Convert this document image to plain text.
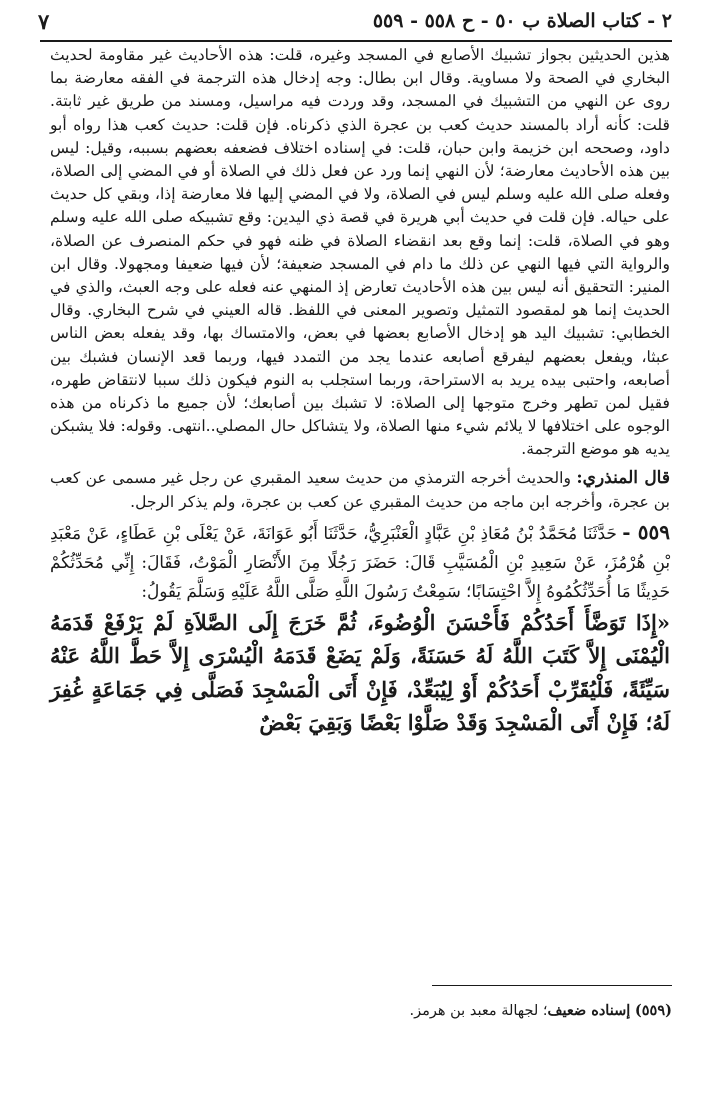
٢ - كتاب الصلاة ب ٥٠ - ح ٥٥٨ - ٥٥٩
٧

هذين الحديثين بجواز تشبيك الأصابع في المسجد وغيره، قلت: هذه الأحاديث غير مقاومة لحديث البخاري في الصحة ولا مساوية. وقال ابن بطال: وجه إدخال هذه الترجمة في الفقه معارضة بما روى عن النهي من التشبيك في المسجد، وقد وردت فيه مراسيل، ومسند من طريق غير ثابتة. قلت: كأنه أراد بالمسند حديث كعب بن عجرة الذي ذكرناه. فإن قلت: حديث كعب هذا رواه أبو داود، وصححه ابن خزيمة وابن حبان، قلت: في إسناده اختلاف فضعفه بعضهم بسببه، وقيل: ليس بين هذه الأحاديث معارضة؛ لأن النهي إنما ورد عن فعل ذلك في الصلاة أو في المضي إلى الصلاة، وفعله صلى الله عليه وسلم ليس في الصلاة، ولا في المضي إليها فلا معارضة إذا، وبقي كل حديث على حياله. فإن قلت في حديث أبي هريرة في قصة ذي اليدين: وقع تشبيكه صلى الله عليه وسلم وهو في الصلاة، قلت: إنما وقع بعد انقضاء الصلاة في ظنه فهو في حكم المنصرف عن الصلاة، والرواية التي فيها النهي عن ذلك ما دام في المسجد ضعيفة؛ لأن فيها ضعيفا ومجهولا. وقال ابن المنير: التحقيق أنه ليس بين هذه الأحاديث تعارض إذ المنهي عنه فعله على وجه العبث، والذي في الحديث إنما هو لمقصود التمثيل وتصوير المعنى في اللفظ. قاله العيني في شرح البخاري. وقال الخطابي: تشبيك اليد هو إدخال الأصابع بعضها في بعض، والامتساك بها، وقد يفعله بعض الناس عبثا، ويفعل بعضهم ليفرقع أصابعه عندما يجد من التمدد فيها، وربما قعد الإنسان فشبك بين أصابعه، واحتبى بيده يريد به الاستراحة، وربما استجلب به النوم فيكون ذلك سببا لانتقاض طهره، فقيل لمن تطهر وخرج متوجها إلى الصلاة: لا تشبك بين أصابعك؛ لأن جميع ما ذكرناه من هذه الوجوه على اختلافها لا يلائم شيء منها الصلاة، ولا يتشاكل حال المصلي..انتهى. وقوله: فلا يشبكن يديه هو موضع الترجمة.

قال المنذري: والحديث أخرجه الترمذي من حديث سعيد المقبري عن رجل غير مسمى عن كعب بن عجرة، وأخرجه ابن ماجه من حديث المقبري عن كعب بن عجرة، ولم يذكر الرجل.

٥٥٩ - حَدَّثَنَا مُحَمَّدُ بْنُ مُعَاذِ بْنِ عَبَّادٍ الْعَنْبَرِيُّ، حَدَّثَنَا أَبُو عَوَانَةَ، عَنْ يَعْلَى بْنِ عَطَاءٍ، عَنْ مَعْبَدِ بْنِ هُرْمُزَ، عَنْ سَعِيدِ بْنِ الْمُسَيَّبِ قَالَ: حَضَرَ رَجُلًا مِنَ الأَنْصَارِ الْمَوْتُ، فَقَالَ: إِنِّي مُحَدِّثُكُمْ حَدِيثًا مَا أُحَدِّثُكُمُوهُ إِلاَّ احْتِسَابًا؛ سَمِعْتُ رَسُولَ اللَّهِ صَلَّى اللَّهُ عَلَيْهِ وَسَلَّمَ يَقُولُ:

«إِذَا تَوَضَّأَ أَحَدُكُمْ فَأَحْسَنَ الْوُضُوءَ، ثُمَّ خَرَجَ إِلَى الصَّلاَةِ لَمْ يَرْفَعْ قَدَمَهُ الْيُمْنَى إِلاَّ كَتَبَ اللَّهُ لَهُ حَسَنَةً، وَلَمْ يَضَعْ قَدَمَهُ الْيُسْرَى إِلاَّ حَطَّ اللَّهُ عَنْهُ سَيِّئَةً، فَلْيُقَرِّبْ أَحَدُكُمْ أَوْ لِيُبَعِّدْ، فَإِنْ أَتَى الْمَسْجِدَ فَصَلَّى فِي جَمَاعَةٍ غُفِرَ لَهُ؛ فَإِنْ أَتَى الْمَسْجِدَ وَقَدْ صَلَّوْا بَعْضًا وَبَقِيَ بَعْضٌ

(٥٥٩) إسناده ضعيف؛ لجهالة معبد بن هرمز.
